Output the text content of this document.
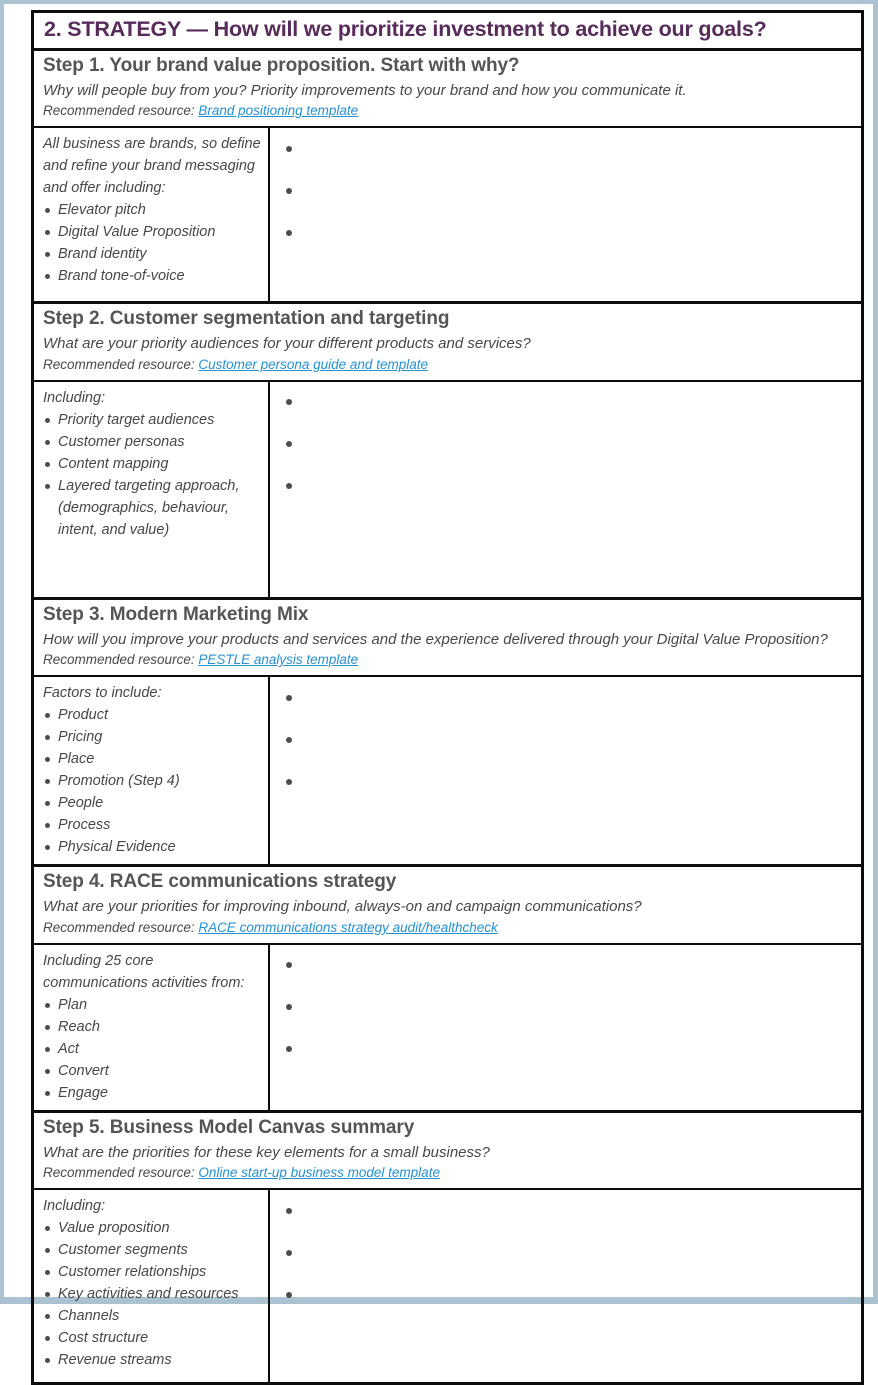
2. STRATEGY — How will we prioritize investment to achieve our goals?
Step 1. Your brand value proposition. Start with why?

Why will people buy from you? Priority improvements to your brand and how you communicate it.

Recommended resource: Brand positioning template

All business are brands, so define and refine your brand messaging and offer including:

Elevator pitch
Digital Value Proposition
Brand identity
Brand tone-of-voice
Step 2. Customer segmentation and targeting

What are your priority audiences for your different products and services?

Recommended resource: Customer persona guide and template

Including:

Priority target audiences
Customer personas
Content mapping
Layered targeting approach, (demographics, behaviour, intent, and value)
Step 3. Modern Marketing Mix

How will you improve your products and services and the experience delivered through your Digital Value Proposition?

Recommended resource: PESTLE analysis template

Factors to include:

Product
Pricing
Place
Promotion (Step 4)
People
Process
Physical Evidence
Step 4. RACE communications strategy

What are your priorities for improving inbound, always-on and campaign communications?

Recommended resource: RACE communications strategy audit/healthcheck

Including 25 core communications activities from:

Plan
Reach
Act
Convert
Engage
Step 5. Business Model Canvas summary

What are the priorities for these key elements for a small business?

Recommended resource: Online start-up business model template

Including:

Value proposition
Customer segments
Customer relationships
Key activities and resources
Channels
Cost structure
Revenue streams
